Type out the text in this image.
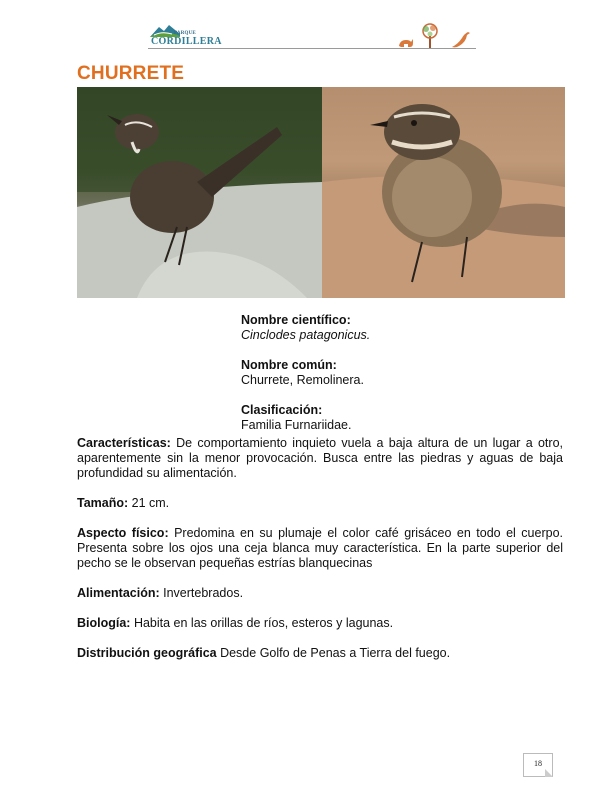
PARQUE
CORDILLERA
CHURRETE
Nombre científico:
Cinclodes patagonicus.
Nombre común:
Churrete, Remolinera.
Clasificación:
Familia Furnariidae.

Características: De comportamiento inquieto vuela a baja altura de un lugar a otro, aparentemente sin la menor provocación. Busca entre las piedras y aguas de baja profundidad su alimentación.

Tamaño: 21 cm.

Aspecto físico: Predomina en su plumaje el color café grisáceo en todo el cuerpo. Presenta sobre los ojos una ceja blanca muy característica. En la parte superior del pecho se le observan pequeñas estrías blanquecinas

Alimentación: Invertebrados.

Biología: Habita en las orillas de ríos, esteros y lagunas.

Distribución geográfica Desde Golfo de Penas a Tierra del fuego.

18
